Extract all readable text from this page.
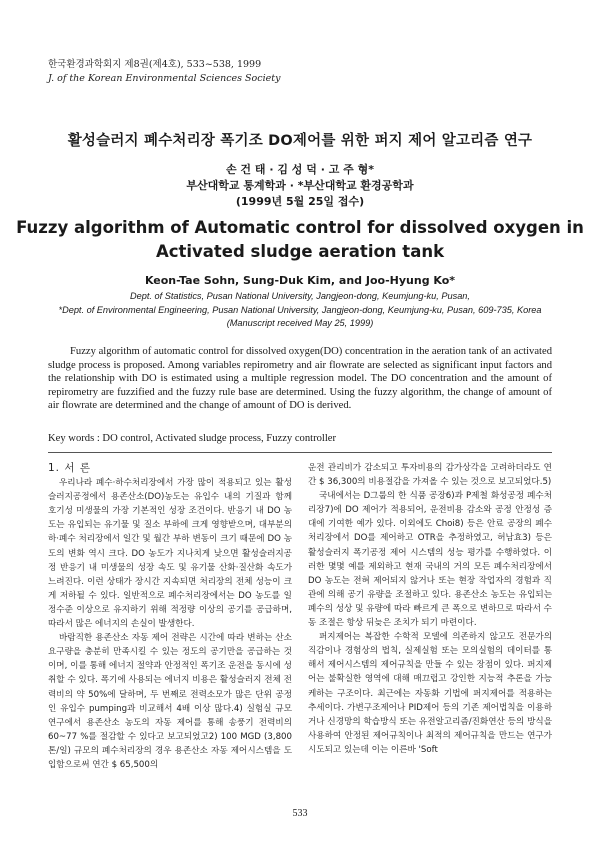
한국환경과학회지 제8권(제4호), 533~538, 1999
J. of the Korean Environmental Sciences Society
활성슬러지 폐수처리장 폭기조 DO제어를 위한 퍼지 제어 알고리즘 연구
손 건 태 · 김 성 덕 · 고 주 형*
부산대학교 통계학과 · *부산대학교 환경공학과
(1999년 5월 25일 접수)
Fuzzy algorithm of Automatic control for dissolved oxygen in
Activated sludge aeration tank
Keon-Tae Sohn, Sung-Duk Kim, and Joo-Hyung Ko*
Dept. of Statistics, Pusan National University, Jangjeon-dong, Keumjung-ku, Pusan,
*Dept. of Environmental Engineering, Pusan National University, Jangjeon-dong, Keumjung-ku, Pusan, 609-735, Korea
(Manuscript received May 25, 1999)

Fuzzy algorithm of automatic control for dissolved oxygen(DO) concentration in the aeration tank of an activated sludge process is proposed. Among variables repirometry and air flowrate are selected as significant input factors and the relationship with DO is estimated using a multiple regression model. The DO concentration and the amount of repirometry are fuzzified and the fuzzy rule base are determined. Using the fuzzy algorithm, the change of amount of air flowrate are determined and the change of amount of DO is derived.

Key words : DO control, Activated sludge process, Fuzzy controller

1. 서 론

우리나라 폐수·하수처리장에서 가장 많이 적용되고 있는 활성슬러지공정에서 용존산소(DO)농도는 유입수 내의 기질과 함께 호기성 미생물의 가장 기본적인 성장 조건이다. 반응기 내 DO 농도는 유입되는 유기물 및 질소 부하에 크게 영향받으며, 대부분의 하·폐수 처리장에서 일간 및 월간 부하 변동이 크기 때문에 DO 농도의 변화 역시 크다. DO 농도가 지나치게 낮으면 활성슬러지공정 반응기 내 미생물의 성장 속도 및 유기물 산화·질산화 속도가 느려진다. 이런 상태가 장시간 지속되면 처리장의 전체 성능이 크게 저하될 수 있다. 일반적으로 폐수처리장에서는 DO 농도를 일정수준 이상으로 유지하기 위해 적정량 이상의 공기를 공급하며, 따라서 많은 에너지의 손실이 발생한다.

바람직한 용존산소 자동 제어 전략은 시간에 따라 변하는 산소 요구량을 충분히 만족시킬 수 있는 정도의 공기만을 공급하는 것이며, 이를 통해 에너지 절약과 안정적인 폭기조 운전을 동시에 성취할 수 있다. 폭기에 사용되는 에너지 비용은 활성슬러지 전체 전력비의 약 50%에 달하며, 두 번째로 전력소모가 많은 단위 공정인 유입수 pumping과 비교해서 4배 이상 많다.4) 실험실 규모 연구에서 용존산소 농도의 자동 제어를 통해 송풍기 전력비의 60~77 %를 절감할 수 있다고 보고되었고2) 100 MGD (3,800 톤/일) 규모의 폐수처리장의 경우 용존산소 자동 제어시스템을 도입함으로써 연간 $ 65,500의

운전 관리비가 감소되고 투자비용의 감가상각을 고려하더라도 연간 $ 36,300의 비용절감을 가져올 수 있는 것으로 보고되었다.5)

국내에서는 D그룹의 한 식품 공장6)과 P제철 화성공정 폐수처리장7)에 DO 제어가 적용되어, 운전비용 감소와 공정 안정성 증대에 기여한 예가 있다. 이외에도 Choi8) 등은 안료 공장의 폐수처리장에서 DO를 제어하고 OTR을 추정하였고, 허남효3) 등은 활성슬러지 폭기공정 제어 시스템의 성능 평가를 수행하였다. 이러한 몇몇 예를 제외하고 현재 국내의 거의 모든 폐수처리장에서 DO 농도는 전혀 제어되지 않거나 또는 현장 작업자의 경험과 직관에 의해 공기 유량을 조절하고 있다. 용존산소 농도는 유입되는 폐수의 성상 및 유량에 따라 빠르게 큰 폭으로 변하므로 따라서 수동 조절은 항상 뒤늦은 조치가 되기 마련이다.

퍼지제어는 복잡한 수학적 모델에 의존하지 않고도 전문가의 직감이나 경험상의 법칙, 실제실험 또는 모의실험의 데이터를 통해서 제어시스템의 제어규칙을 만들 수 있는 장점이 있다. 퍼지제어는 불확실한 영역에 대해 매끄럽고 강인한 지능적 추론을 가능케하는 구조이다. 최근에는 자동화 기법에 퍼지제어를 적용하는 추세이다. 가변구조제어나 PID제어 등의 기존 제어법칙을 이용하거나 신경망의 학습방식 또는 유전알고리즘/진화연산 등의 방식을 사용하여 안정된 제어규칙이나 최적의 제어규칙을 만드는 연구가 시도되고 있는데 이는 이른바 'Soft

533
